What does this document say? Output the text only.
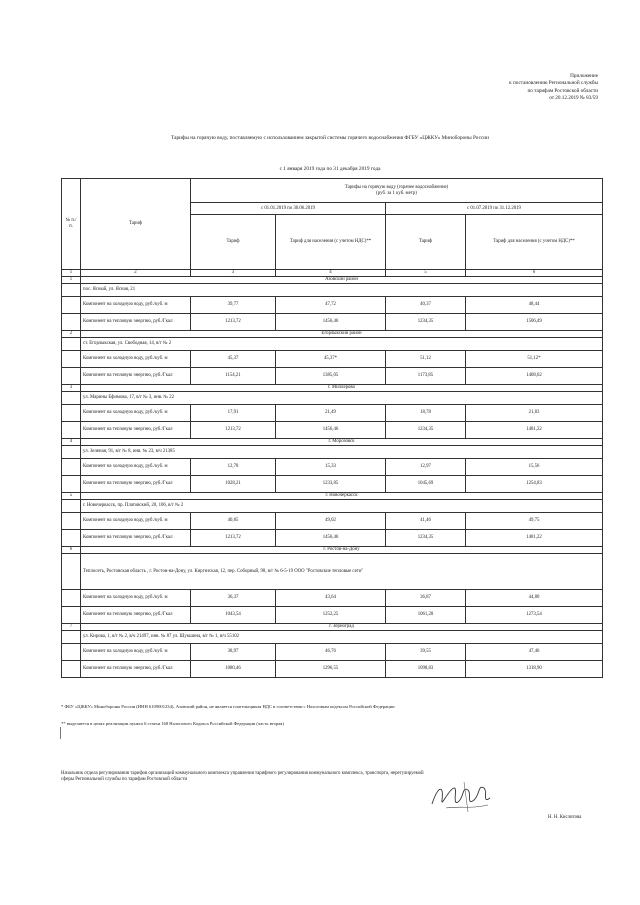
Приложение
к постановлению Региональной службы
по тарифам Ростовской области
от 20.12.2019 № 83/59
Тарифы на горячую воду, поставляемую с использованием закрытой системы горячего водоснабжения ФГБУ «ЦЖКУ» Минобороны России
с 1 января 2019 года по 31 декабря 2019 года
№ п./п.	Тариф	Тарифы на горячую воду (горячее водоснабжение)
(руб. за 1 куб. метр)			

		с 01.01.2019 по 30.06.2019		с 01.07.2019 по 31.12.2019	
		Тариф	Тариф для населения (с учетом НДС)**	Тариф	Тариф для населения (с учетом НДС)**
1	2	3	4	5	6
1	Азовский район				
	пос. Ясный, ул. Ясная, 21				
	Компонент на холодную воду, руб./куб. м	39,77	47,72	40,37	48,44
	Компонент на тепловую энергию, руб./Гкал	1213,72	1456,46	1234,35	1506,49
2	Егорлыкский район				
	ст. Егорлыкская, ул. Свободная, 14, в/г № 2				
	Компонент на холодную воду, руб./куб. м	45,37	45,37*	51,12	51,12*
	Компонент на тепловую энергию, руб./Гкал	1154,21	1385,05	1173,85	1408,62
3	г. Миллерово				
	ул. Марины Ефимова, 17, в/г № 3, инв. № 22				
	Компонент на холодную воду, руб./куб. м	17,91	21,49	18,78	21,83
	Компонент на тепловую энергию, руб./Гкал	1213,72	1456,46	1234,35	1481,22
4	г. Морозовск				
	ул. Зеленая, 91, в/г № 8, инв. № 23, в/ч 21385				
	Компонент на холодную воду, руб./куб. м	12,78	15,33	12,97	15,56
	Компонент на тепловую энергию, руб./Гкал	1028,21	1233,85	1045,69	1254,83
5	г. Новочеркасск				
	г. Новочеркасск, пр. Платовский, 20, 106, в/г № 2				
	Компонент на холодную воду, руб./куб. м	40,85	49,02	41,46	49,75
	Компонент на тепловую энергию, руб./Гкал	1213,72	1456,46	1234,35	1481,22
6	г. Ростов-на-Дону				
	Теплосеть, Ростовская область , г. Ростов-на-Дону, ул. Киргизская, 12, пер. Соборный, 98, в/г № 6-5-19 ООО "Ростовские тепловые сети"				
	Компонент на холодную воду, руб./куб. м	36,37	43,64	36,87	44,80
	Компонент на тепловую энергию, руб./Гкал	1043,54	1252,25	1061,28	1273,54
7	г. Зерноград				
	ул. Кирова, 1, в/г № 2, в/ч 21497, инв. № 87 ул. Шукшина, в/г № 1, в/ч 55102				
	Компонент на холодную воду, руб./куб. м	38,97	46,76	39,55	47,46
	Компонент на тепловую энергию, руб./Гкал	1080,46	1296,55	1098,83	1318,90

* ФБУ «ЦЖКУ» Минобороны России (ИНН 6109001234), Азовский район, не является плательщиком НДС в соответствии с Налоговым кодексом Российской Федерации

** выделяется в целях реализации пункта 6 статьи 168 Налогового Кодекса Российской Федерации (часть вторая)

Начальник отдела регулирования тарифов организаций коммунального комплекса управления тарифного регулирования коммунального комплекса, транспорта, нерегулируемой
сферы Региональной службы по тарифам Ростовской области
Н. Н. Кислитова
